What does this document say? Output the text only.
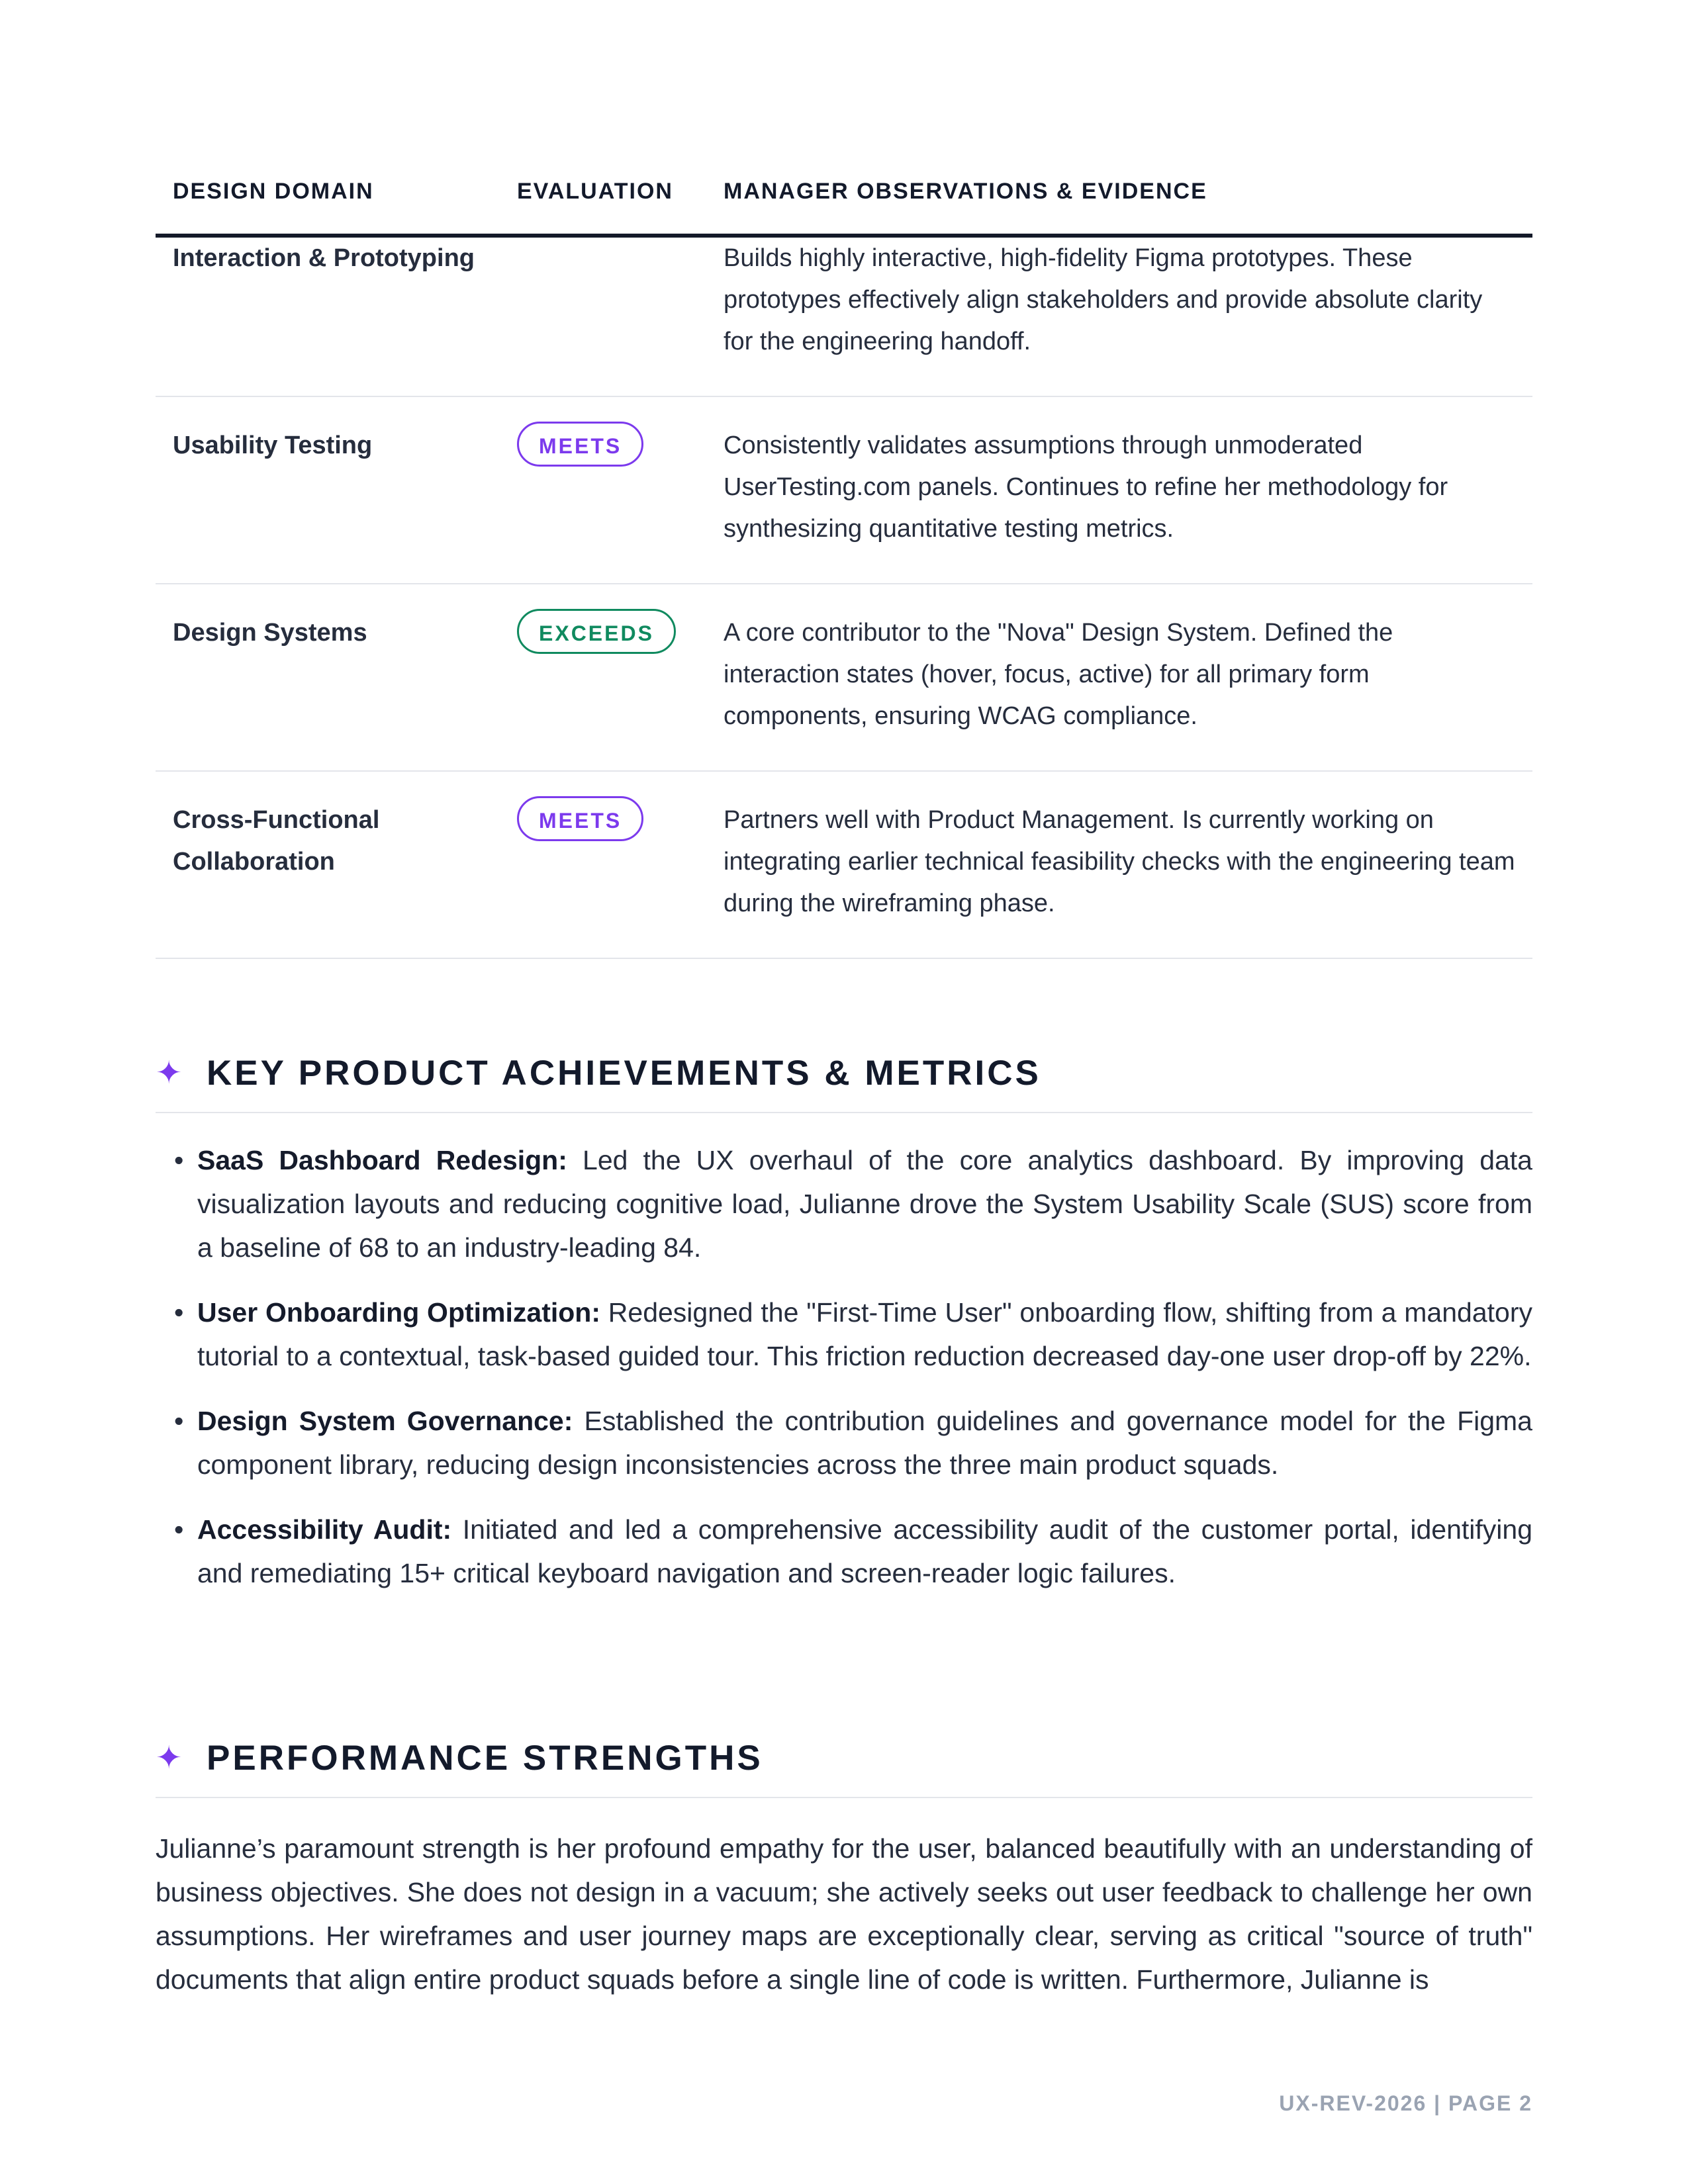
DESIGN DOMAIN	EVALUATION	MANAGER OBSERVATIONS & EVIDENCE
Interaction & Prototyping		Builds highly interactive, high-fidelity Figma prototypes. These prototypes effectively align stakeholders and provide absolute clarity for the engineering handoff.
Usability Testing	MEETS	Consistently validates assumptions through unmoderated UserTesting.com panels. Continues to refine her methodology for synthesizing quantitative testing metrics.
Design Systems	EXCEEDS	A core contributor to the "Nova" Design System. Defined the interaction states (hover, focus, active) for all primary form components, ensuring WCAG compliance.
Cross-Functional Collaboration	MEETS	Partners well with Product Management. Is currently working on integrating earlier technical feasibility checks with the engineering team during the wireframing phase.
✦ KEY PRODUCT ACHIEVEMENTS & METRICS
• SaaS Dashboard Redesign: Led the UX overhaul of the core analytics dashboard. By improving data visualization layouts and reducing cognitive load, Julianne drove the System Usability Scale (SUS) score from a baseline of 68 to an industry-leading 84.
• User Onboarding Optimization: Redesigned the "First-Time User" onboarding flow, shifting from a mandatory tutorial to a contextual, task-based guided tour. This friction reduction decreased day-one user drop-off by 22%.
• Design System Governance: Established the contribution guidelines and governance model for the Figma component library, reducing design inconsistencies across the three main product squads.
• Accessibility Audit: Initiated and led a comprehensive accessibility audit of the customer portal, identifying and remediating 15+ critical keyboard navigation and screen-reader logic failures.
✦ PERFORMANCE STRENGTHS

Julianne’s paramount strength is her profound empathy for the user, balanced beautifully with an understanding of business objectives. She does not design in a vacuum; she actively seeks out user feedback to challenge her own assumptions. Her wireframes and user journey maps are exceptionally clear, serving as critical "source of truth" documents that align entire product squads before a single line of code is written. Furthermore, Julianne is

UX-REV-2026 | PAGE 2
